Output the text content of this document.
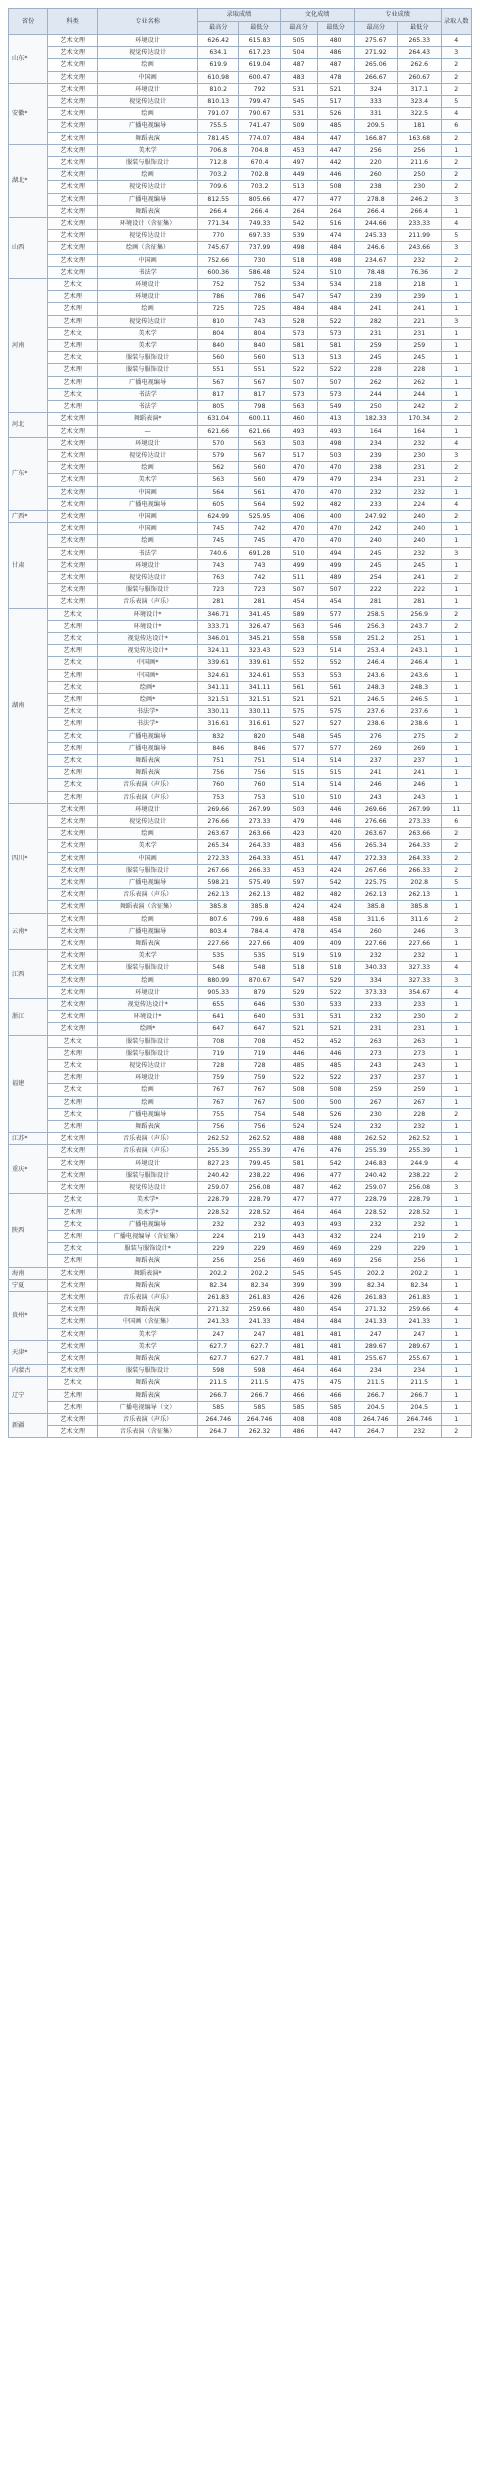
省份	科类	专业名称	录取成绩		文化成绩		专业成绩		录取人数
			最高分	最低分	最高分	最低分	最高分	最低分	
山东*	艺术文理	环境设计	626.42	615.83	505	480	275.67	265.33	4
	艺术文理	视觉传达设计	634.1	617.23	504	486	271.92	264.43	3
	艺术文理	绘画	619.9	619.04	487	487	265.06	262.6	2
	艺术文理	中国画	610.98	600.47	483	478	266.67	260.67	2
安徽*	艺术文理	环境设计	810.2	792	531	521	324	317.1	2
	艺术文理	视觉传达设计	810.13	799.47	545	517	333	323.4	5
	艺术文理	绘画	791.07	790.67	531	526	331	322.5	4
	艺术文理	广播电视编导	755.5	741.47	509	485	209.5	181	6
	艺术文理	舞蹈表演	781.45	774.07	484	447	166.87	163.68	2
湖北*	艺术文理	美术学	706.8	704.8	453	447	256	256	1
	艺术文理	服装与服饰设计	712.8	670.4	497	442	220	211.6	2
	艺术文理	绘画	703.2	702.8	449	446	260	250	2
	艺术文理	视觉传达设计	709.6	703.2	513	508	238	230	2
	艺术文理	广播电视编导	812.55	805.66	477	477	278.8	246.2	3
	艺术文理	舞蹈表演	266.4	266.4	264	264	266.4	266.4	1
山西	艺术文理	环境设计（含征集）	771.34	749.33	542	516	244.66	233.33	4
	艺术文理	视觉传达设计	770	697.33	539	474	245.33	211.99	5
	艺术文理	绘画（含征集）	745.67	737.99	498	484	246.6	243.66	3
	艺术文理	中国画	752.66	730	518	498	234.67	232	2
	艺术文理	书法学	600.36	586.48	524	510	78.48	76.36	2
河南	艺术文	环境设计	752	752	534	534	218	218	1
	艺术理	环境设计	786	786	547	547	239	239	1
	艺术理	绘画	725	725	484	484	241	241	1
	艺术理	视觉传达设计	810	743	528	522	282	221	3
	艺术文	美术学	804	804	573	573	231	231	1
	艺术理	美术学	840	840	581	581	259	259	1
	艺术文	服装与服饰设计	560	560	513	513	245	245	1
	艺术理	服装与服饰设计	551	551	522	522	228	228	1
	艺术理	广播电视编导	567	567	507	507	262	262	1
	艺术文	书法学	817	817	573	573	244	244	1
	艺术理	书法学	805	798	563	549	250	242	2
河北	艺术文理	舞蹈表演*	631.04	600.11	460	413	182.33	170.34	2
	艺术文理	—	621.66	621.66	493	493	164	164	1
广东*	艺术文理	环境设计	570	563	503	498	234	232	4
	艺术文理	视觉传达设计	579	567	517	503	239	230	3
	艺术文理	绘画	562	560	470	470	238	231	2
	艺术文理	美术学	563	560	479	479	234	231	2
	艺术文理	中国画	564	561	470	470	232	232	1
	艺术文理	广播电视编导	605	564	592	482	233	224	4
广西*	艺术文理	中国画	624.99	525.95	406	400	247.92	240	2
甘肃	艺术文理	中国画	745	742	470	470	242	240	1
	艺术文理	绘画	745	745	470	470	240	240	1
	艺术文理	书法学	740.6	691.28	510	494	245	232	3
	艺术文理	环境设计	743	743	499	499	245	245	1
	艺术文理	视觉传达设计	763	742	511	489	254	241	2
	艺术文理	服装与服饰设计	723	723	507	507	222	222	1
	艺术文理	音乐表演（声乐）	281	281	454	454	281	281	1
湖南	艺术文	环境设计*	346.71	341.45	589	577	258.5	256.9	2
	艺术理	环境设计*	333.71	326.47	563	546	256.3	243.7	2
	艺术文	视觉传达设计*	346.01	345.21	558	558	251.2	251	1
	艺术理	视觉传达设计*	324.11	323.43	523	514	253.4	243.1	1
	艺术文	中国画*	339.61	339.61	552	552	246.4	246.4	1
	艺术理	中国画*	324.61	324.61	553	553	243.6	243.6	1
	艺术文	绘画*	341.11	341.11	561	561	248.3	248.3	1
	艺术理	绘画*	321.51	321.51	521	521	246.5	246.5	1
	艺术文	书法学*	330.11	330.11	575	575	237.6	237.6	1
	艺术理	书法学*	316.61	316.61	527	527	238.6	238.6	1
	艺术文	广播电视编导	832	820	548	545	276	275	2
	艺术理	广播电视编导	846	846	577	577	269	269	1
	艺术文	舞蹈表演	751	751	514	514	237	237	1
	艺术理	舞蹈表演	756	756	515	515	241	241	1
	艺术文	音乐表演（声乐）	760	760	514	514	246	246	1
	艺术理	音乐表演（声乐）	753	753	510	510	243	243	1
四川*	艺术文理	环境设计	269.66	267.99	503	446	269.66	267.99	11
	艺术文理	视觉传达设计	276.66	273.33	479	446	276.66	273.33	6
	艺术文理	绘画	263.67	263.66	423	420	263.67	263.66	2
	艺术文理	美术学	265.34	264.33	483	456	265.34	264.33	2
	艺术文理	中国画	272.33	264.33	451	447	272.33	264.33	2
	艺术文理	服装与服饰设计	267.66	266.33	453	424	267.66	266.33	2
	艺术文理	广播电视编导	598.21	575.49	597	542	225.75	202.8	5
	艺术文理	音乐表演（声乐）	262.13	262.13	482	482	262.13	262.13	1
	艺术文理	舞蹈表演（含征集）	385.8	385.8	424	424	385.8	385.8	1
云南*	艺术文理	绘画	807.6	799.6	488	458	311.6	311.6	2
	艺术文理	广播电视编导	803.4	784.4	478	454	260	246	3
	艺术文理	舞蹈表演	227.66	227.66	409	409	227.66	227.66	1
江西	艺术文理	美术学	535	535	519	519	232	232	1
	艺术文理	服装与服饰设计	548	548	518	518	340.33	327.33	4
	艺术文理	绘画	880.99	870.67	547	529	334	327.33	3
	艺术文理	环境设计	905.33	879	529	522	373.33	354.67	4
浙江	艺术文理	视觉传达设计*	655	646	530	533	233	233	1
	艺术文理	环境设计*	641	640	531	531	232	230	2
	艺术文理	绘画*	647	647	521	521	231	231	1
福建	艺术文	服装与服饰设计	708	708	452	452	263	263	1
	艺术理	服装与服饰设计	719	719	446	446	273	273	1
	艺术文	视觉传达设计	728	728	485	485	243	243	1
	艺术理	环境设计	759	759	522	522	237	237	1
	艺术文	绘画	767	767	508	508	259	259	1
	艺术理	绘画	767	767	500	500	267	267	1
	艺术文	广播电视编导	755	754	548	526	230	228	2
	艺术理	舞蹈表演	756	756	524	524	232	232	1
江苏*	艺术文理	音乐表演（声乐）	262.52	262.52	488	488	262.52	262.52	1
重庆*	艺术文理	音乐表演（声乐）	255.39	255.39	476	476	255.39	255.39	1
	艺术文理	环境设计	827.23	799.45	581	542	246.83	244.9	4
	艺术文理	服装与服饰设计	240.42	238.22	496	477	240.42	238.22	2
	艺术文理	视觉传达设计	259.07	256.08	487	462	259.07	256.08	3
陕西	艺术文	美术学*	228.79	228.79	477	477	228.79	228.79	1
	艺术理	美术学*	228.52	228.52	464	464	228.52	228.52	1
	艺术文	广播电视编导	232	232	493	493	232	232	1
	艺术理	广播电视编导（含征集）	224	219	443	432	224	219	2
	艺术文	服装与服饰设计*	229	229	469	469	229	229	1
	艺术理	舞蹈表演	256	256	469	469	256	256	1
海南	艺术文理	舞蹈表演*	202.2	202.2	545	545	202.2	202.2	1
宁夏	艺术文理	舞蹈表演	82.34	82.34	399	399	82.34	82.34	1
贵州*	艺术文理	音乐表演（声乐）	261.83	261.83	426	426	261.83	261.83	1
	艺术文理	舞蹈表演	271.32	259.66	480	454	271.32	259.66	4
	艺术文理	中国画（含征集）	241.33	241.33	484	484	241.33	241.33	1
	艺术文理	美术学	247	247	481	481	247	247	1
天津*	艺术文理	美术学	627.7	627.7	481	481	289.67	289.67	1
	艺术文理	舞蹈表演	627.7	627.7	481	481	255.67	255.67	1
内蒙古	艺术文理	服装与服饰设计	598	598	464	464	234	234	1
辽宁	艺术文	舞蹈表演	211.5	211.5	475	475	211.5	211.5	1
	艺术理	舞蹈表演	266.7	266.7	466	466	266.7	266.7	1
	艺术理	广播电视编导（文）	585	585	585	585	204.5	204.5	1
新疆	艺术文理	音乐表演（声乐）	264.746	264.746	408	408	264.746	264.746	1
	艺术文理	音乐表演（含征集）	264.7	262.32	486	447	264.7	232	2
